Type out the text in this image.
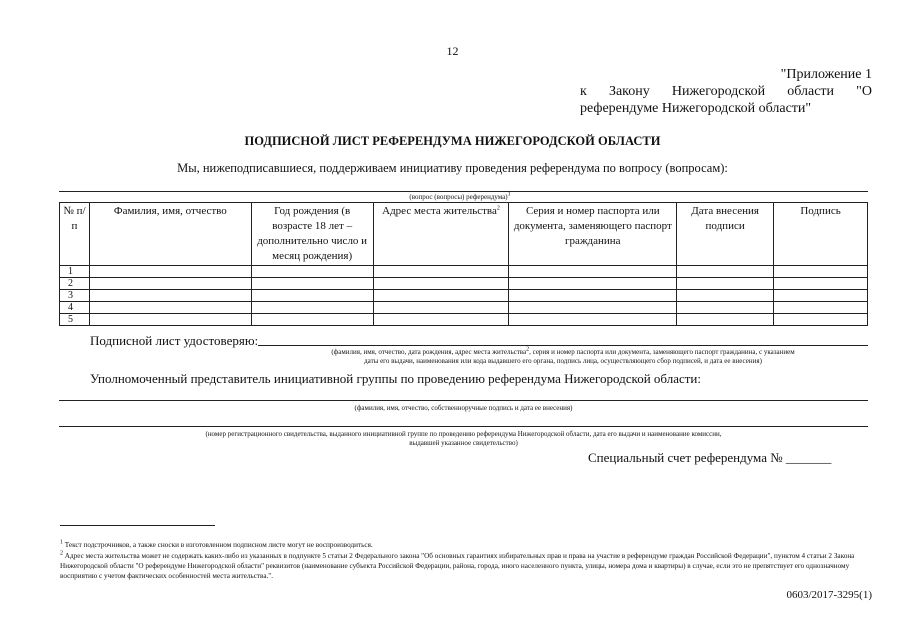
12
"Приложение 1
к Закону Нижегородской области "О
референдуме Нижегородской области"
ПОДПИСНОЙ ЛИСТ РЕФЕРЕНДУМА НИЖЕГОРОДСКОЙ ОБЛАСТИ
Мы, нижеподписавшиеся, поддерживаем инициативу проведения референдума по вопросу (вопросам):
(вопрос (вопросы) референдума)$^1$
№ п/п	Фамилия, имя, отчество	Год рождения (в возрасте 18 лет – дополнительно число и месяц рождения)	Адрес места жительства$^2$	Серия и номер паспорта или документа, заменяющего паспорт гражданина	Дата внесения подписи	Подпись
1						
2						
3						
4						
5						
Подписной лист удостоверяю:
(фамилия, имя, отчество, дата рождения, адрес места жительства$^2$, серия и номер паспорта или документа, заменяющего паспорт гражданина, с указанием
даты его выдачи, наименования или кода выдавшего его органа, подпись лица, осуществляющего сбор подписей, и дата ее внесения)
Уполномоченный представитель инициативной группы по проведению референдума Нижегородской области:
(фамилия, имя, отчество, собственноручные подпись и дата ее внесения)
(номер регистрационного свидетельства, выданного инициативной группе по проведению референдума Нижегородской области, дата его выдачи и наименование комиссии,
выдавшей указанное свидетельство)
Специальный счет референдума № _______
$^1$ Текст подстрочников, а также сноски в изготовленном подписном листе могут не воспроизводиться.
$^2$ Адрес места жительства может не содержать каких-либо из указанных в подпункте 5 статьи 2 Федерального закона "Об основных гарантиях избирательных прав и права на участие в референдуме граждан Российской Федерации", пунктом 4 статьи 2 Закона Нижегородской области "О референдуме Нижегородской области" реквизитов (наименование субъекта Российской Федерации, района, города, иного населенного пункта, улицы, номера дома и квартиры) в случае, если это не препятствует его однозначному восприятию с учетом фактических особенностей места жительства.".
0603/2017-3295(1)
